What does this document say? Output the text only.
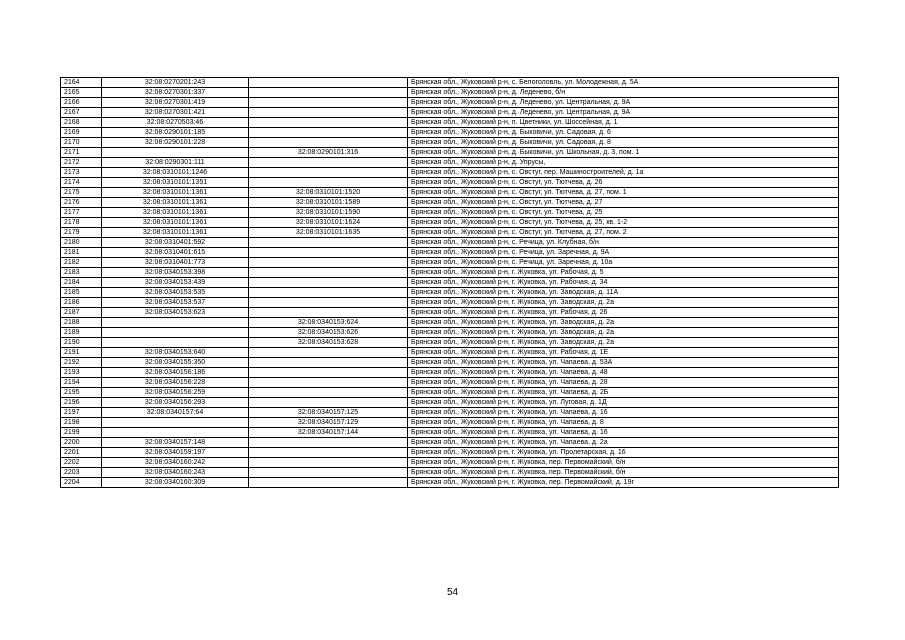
2164	32:08:0270201:243		Брянская обл., Жуковский р-н, с. Белоголовль, ул. Молодежная, д. 5А
2165	32:08:0270301:337		Брянская обл., Жуковский р-н, д. Леденево, б/н
2166	32:08:0270301:419		Брянская обл., Жуковский р-н, д. Леденево, ул. Центральная, д. 9А
2167	32:08:0270301:421		Брянская обл., Жуковский р-н, д. Леденево, ул. Центральная, д. 9А
2168	32:08:0270503:46		Брянская обл., Жуковский р-н, п. Цветники, ул. Шоссейная, д. 1
2169	32:08:0290101:185		Брянская обл., Жуковский р-н, д. Быковичи, ул. Садовая, д. 6
2170	32:08:0290101:228		Брянская обл., Жуковский р-н, д. Быковичи, ул. Садовая, д. 8
2171		32:08:0290101:316	Брянская обл., Жуковский р-н, д. Быковичи, ул. Школьная, д. 3, пом. 1
2172	32:08:0290301:111		Брянская обл., Жуковский р-н, д. Упрусы,
2173	32:08:0310101:1246		Брянская обл., Жуковский р-н, с. Овстуг, пер. Машиностроителей, д. 1а
2174	32:08:0310101:1351		Брянская обл., Жуковский р-н, с. Овстуг, ул. Тютчева, д. 26
2175	32:08:0310101:1361	32:08:0310101:1520	Брянская обл., Жуковский р-н, с. Овстуг, ул. Тютчева, д. 27, пом. 1
2176	32:08:0310101:1361	32:08:0310101:1589	Брянская обл., Жуковский р-н, с. Овстуг, ул. Тютчева, д. 27
2177	32:08:0310101:1361	32:08:0310101:1590	Брянская обл., Жуковский р-н, с. Овстуг, ул. Тютчева, д. 25
2178	32:08:0310101:1361	32:08:0310101:1624	Брянская обл., Жуковский р-н, с. Овстуг, ул. Тютчева, д. 25, кв. 1-2
2179	32:08:0310101:1361	32:08:0310101:1635	Брянская обл., Жуковский р-н, с. Овстуг, ул. Тютчева, д. 27, пом. 2
2180	32:08:0310401:592		Брянская обл., Жуковский р-н, с. Речица, ул. Клубная, б/н
2181	32:08:0310401:615		Брянская обл., Жуковский р-н, с. Речица, ул. Заречная, д. 9А
2182	32:08:0310401:773		Брянская обл., Жуковский р-н, с. Речица, ул. Заречная, д. 10а
2183	32:08:0340153:398		Брянская обл., Жуковский р-н, г. Жуковка, ул. Рабочая, д. 5
2184	32:08:0340153:439		Брянская обл., Жуковский р-н, г. Жуковка, ул. Рабочая, д. 34
2185	32:08:0340153:535		Брянская обл., Жуковский р-н, г. Жуковка, ул. Заводская, д. 11А
2186	32:08:0340153:537		Брянская обл., Жуковский р-н, г. Жуковка, ул. Заводская, д. 2а
2187	32:08:0340153:623		Брянская обл., Жуковский р-н, г. Жуковка, ул. Рабочая, д. 26
2188		32:08:0340153:624	Брянская обл., Жуковский р-н, г. Жуковка, ул. Заводская, д. 2а
2189		32:08:0340153:626	Брянская обл., Жуковский р-н, г. Жуковка, ул. Заводская, д. 2а
2190		32:08:0340153:628	Брянская обл., Жуковский р-н, г. Жуковка, ул. Заводская, д. 2а
2191	32:08:0340153:640		Брянская обл., Жуковский р-н, г. Жуковка, ул. Рабочая, д. 1Е
2192	32:08:0340155:350		Брянская обл., Жуковский р-н, г. Жуковка, ул. Чапаева, д. 53А
2193	32:08:0340156:186		Брянская обл., Жуковский р-н, г. Жуковка, ул. Чапаева, д. 48
2194	32:08:0340156:228		Брянская обл., Жуковский р-н, г. Жуковка, ул. Чапаева, д. 28
2195	32:08:0340156:259		Брянская обл., Жуковский р-н, г. Жуковка, ул. Чапаева, д. 2Б
2196	32:08:0340156:293		Брянская обл., Жуковский р-н, г. Жуковка, ул. Луговая, д. 1Д
2197	32:08:0340157:64	32:08:0340157:125	Брянская обл., Жуковский р-н, г. Жуковка, ул. Чапаева, д. 16
2198		32:08:0340157:129	Брянская обл., Жуковский р-н, г. Жуковка, ул. Чапаева, д. 8
2199		32:08:0340157:144	Брянская обл., Жуковский р-н, г. Жуковка, ул. Чапаева, д. 16
2200	32:08:0340157:148		Брянская обл., Жуковский р-н, г. Жуковка, ул. Чапаева, д. 2а
2201	32:08:0340159:197		Брянская обл., Жуковский р-н, г. Жуковка, ул. Пролетарская, д. 16
2202	32:08:0340160:242		Брянская обл., Жуковский р-н, г. Жуковка, пер. Первомайский, б/н
2203	32:08:0340160:243		Брянская обл., Жуковский р-н, г. Жуковка, пер. Первомайский, б/н
2204	32:08:0340160:309		Брянская обл., Жуковский р-н, г. Жуковка, пер. Первомайский, д. 19г
54
